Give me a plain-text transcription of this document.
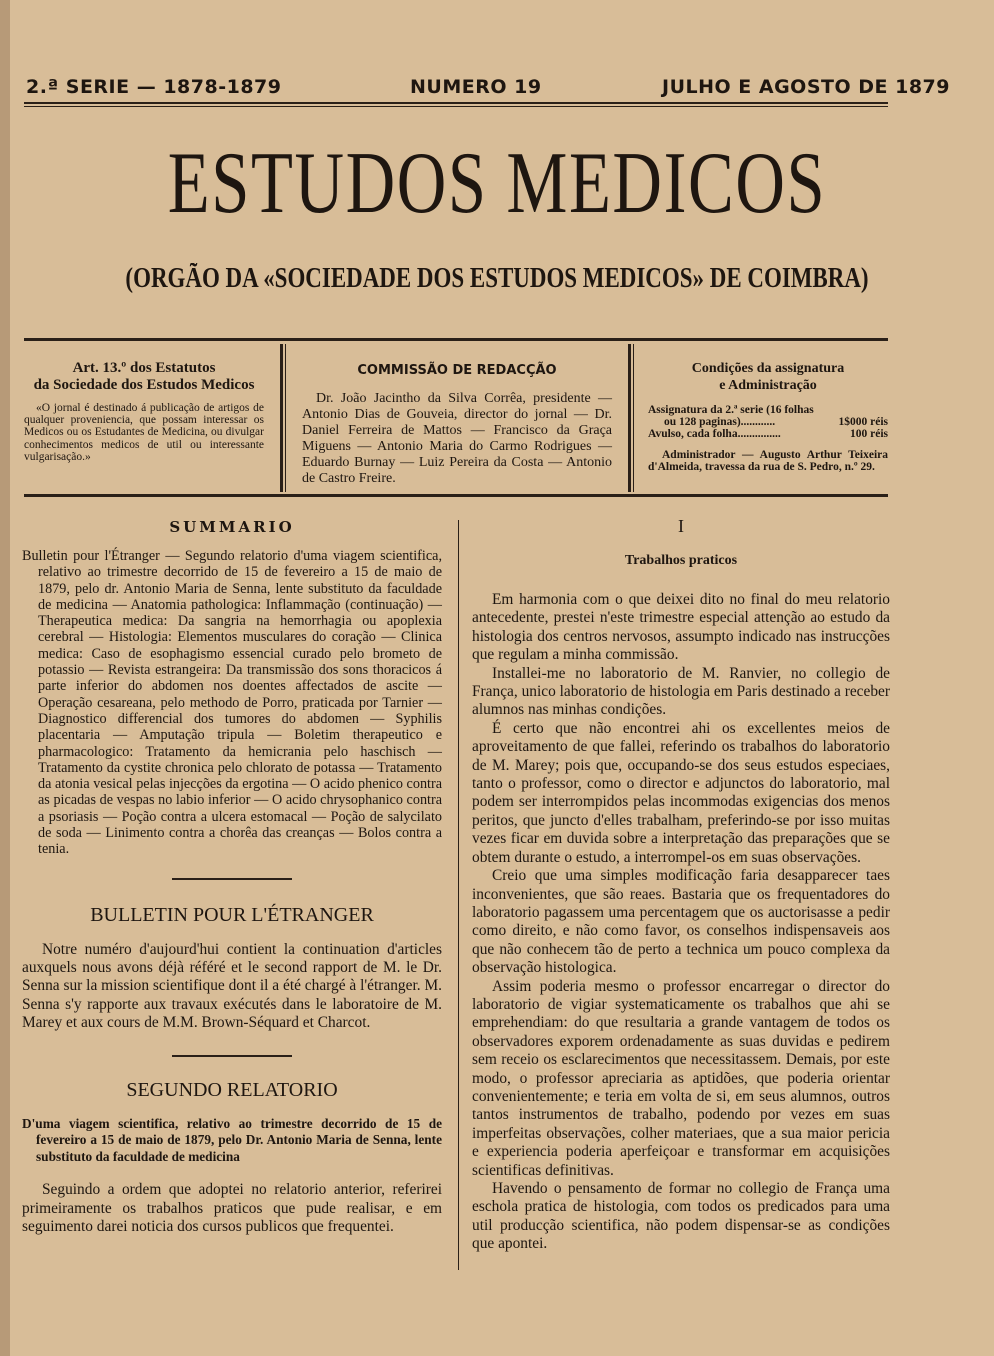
2.ª SERIE — 1878-1879	NUMERO 19	JULHO E AGOSTO DE 1879
ESTUDOS MEDICOS
(ORGÃO DA «SOCIEDADE DOS ESTUDOS MEDICOS» DE COIMBRA)
Art. 13.º dos Estatutos
da Sociedade dos Estudos Medicos

«O jornal é destinado á publicação de artigos de qualquer proveniencia, que possam interessar os Medicos ou os Estudantes de Medicina, ou divulgar conhecimentos medicos de util ou interessante vulgarisação.»

COMMISSÃO DE REDACÇÃO

Dr. João Jacintho da Silva Corrêa, presidente — Antonio Dias de Gouveia, director do jornal — Dr. Daniel Ferreira de Mattos — Francisco da Graça Miguens — Antonio Maria do Carmo Rodrigues — Eduardo Burnay — Luiz Pereira da Costa — Antonio de Castro Freire.

Condições da assignatura
e Administração
Assignatura da 2.ª serie (16 folhas
ou 128 paginas)............	1$000 réis
Avulso, cada folha...............	100 réis

Administrador — Augusto Arthur Teixeira d'Almeida, travessa da rua de S. Pedro, n.º 29.

SUMMARIO

Bulletin pour l'Étranger — Segundo relatorio d'uma viagem scientifica, relativo ao trimestre decorrido de 15 de fevereiro a 15 de maio de 1879, pelo dr. Antonio Maria de Senna, lente substituto da faculdade de medicina — Anatomia pathologica: Inflammação (continuação) — Therapeutica medica: Da sangria na hemorrhagia ou apoplexia cerebral — Histologia: Elementos musculares do coração — Clinica medica: Caso de esophagismo essencial curado pelo brometo de potassio — Revista estrangeira: Da transmissão dos sons thoracicos á parte inferior do abdomen nos doentes affectados de ascite — Operação cesareana, pelo methodo de Porro, praticada por Tarnier — Diagnostico differencial dos tumores do abdomen — Syphilis placentaria — Amputação tripula — Boletim therapeutico e pharmacologico: Tratamento da hemicrania pelo haschisch — Tratamento da cystite chronica pelo chlorato de potassa — Tratamento da atonia vesical pelas injecções da ergotina — O acido phenico contra as picadas de vespas no labio inferior — O acido chrysophanico contra a psoriasis — Poção contra a ulcera estomacal — Poção de salycilato de soda — Linimento contra a chorêa das creanças — Bolos contra a tenia.

BULLETIN POUR L'ÉTRANGER

Notre numéro d'aujourd'hui contient la continuation d'articles auxquels nous avons déjà référé et le second rapport de M. le Dr. Senna sur la mission scientifique dont il a été chargé à l'étranger. M. Senna s'y rapporte aux travaux exécutés dans le laboratoire de M. Marey et aux cours de M.M. Brown-Séquard et Charcot.

SEGUNDO RELATORIO

D'uma viagem scientifica, relativo ao trimestre decorrido de 15 de fevereiro a 15 de maio de 1879, pelo Dr. Antonio Maria de Senna, lente substituto da faculdade de medicina

Seguindo a ordem que adoptei no relatorio anterior, referirei primeiramente os trabalhos praticos que pude realisar, e em seguimento darei noticia dos cursos publicos que frequentei.

I
Trabalhos praticos

Em harmonia com o que deixei dito no final do meu relatorio antecedente, prestei n'este trimestre especial attenção ao estudo da histologia dos centros nervosos, assumpto indicado nas instrucções que regulam a minha commissão.

Installei-me no laboratorio de M. Ranvier, no collegio de França, unico laboratorio de histologia em Paris destinado a receber alumnos nas minhas condições.

É certo que não encontrei ahi os excellentes meios de aproveitamento de que fallei, referindo os trabalhos do laboratorio de M. Marey; pois que, occupando-se dos seus estudos especiaes, tanto o professor, como o director e adjunctos do laboratorio, mal podem ser interrompidos pelas incommodas exigencias dos menos peritos, que juncto d'elles trabalham, preferindo-se por isso muitas vezes ficar em duvida sobre a interpretação das preparações que se obtem durante o estudo, a interrompel-os em suas observações.

Creio que uma simples modificação faria desapparecer taes inconvenientes, que são reaes. Bastaria que os frequentadores do laboratorio pagassem uma percentagem que os auctorisasse a pedir como direito, e não como favor, os conselhos indispensaveis aos que não conhecem tão de perto a technica um pouco complexa da observação histologica.

Assim poderia mesmo o professor encarregar o director do laboratorio de vigiar systematicamente os trabalhos que ahi se emprehendiam: do que resultaria a grande vantagem de todos os observadores exporem ordenadamente as suas duvidas e pedirem sem receio os esclarecimentos que necessitassem. Demais, por este modo, o professor apreciaria as aptidões, que poderia orientar convenientemente; e teria em volta de si, em seus alumnos, outros tantos instrumentos de trabalho, podendo por vezes em suas imperfeitas observações, colher materiaes, que a sua maior pericia e experiencia poderia aperfeiçoar e transformar em acquisições scientificas definitivas.

Havendo o pensamento de formar no collegio de França uma eschola pratica de histologia, com todos os predicados para uma util producção scientifica, não podem dispensar-se as condições que apontei.
